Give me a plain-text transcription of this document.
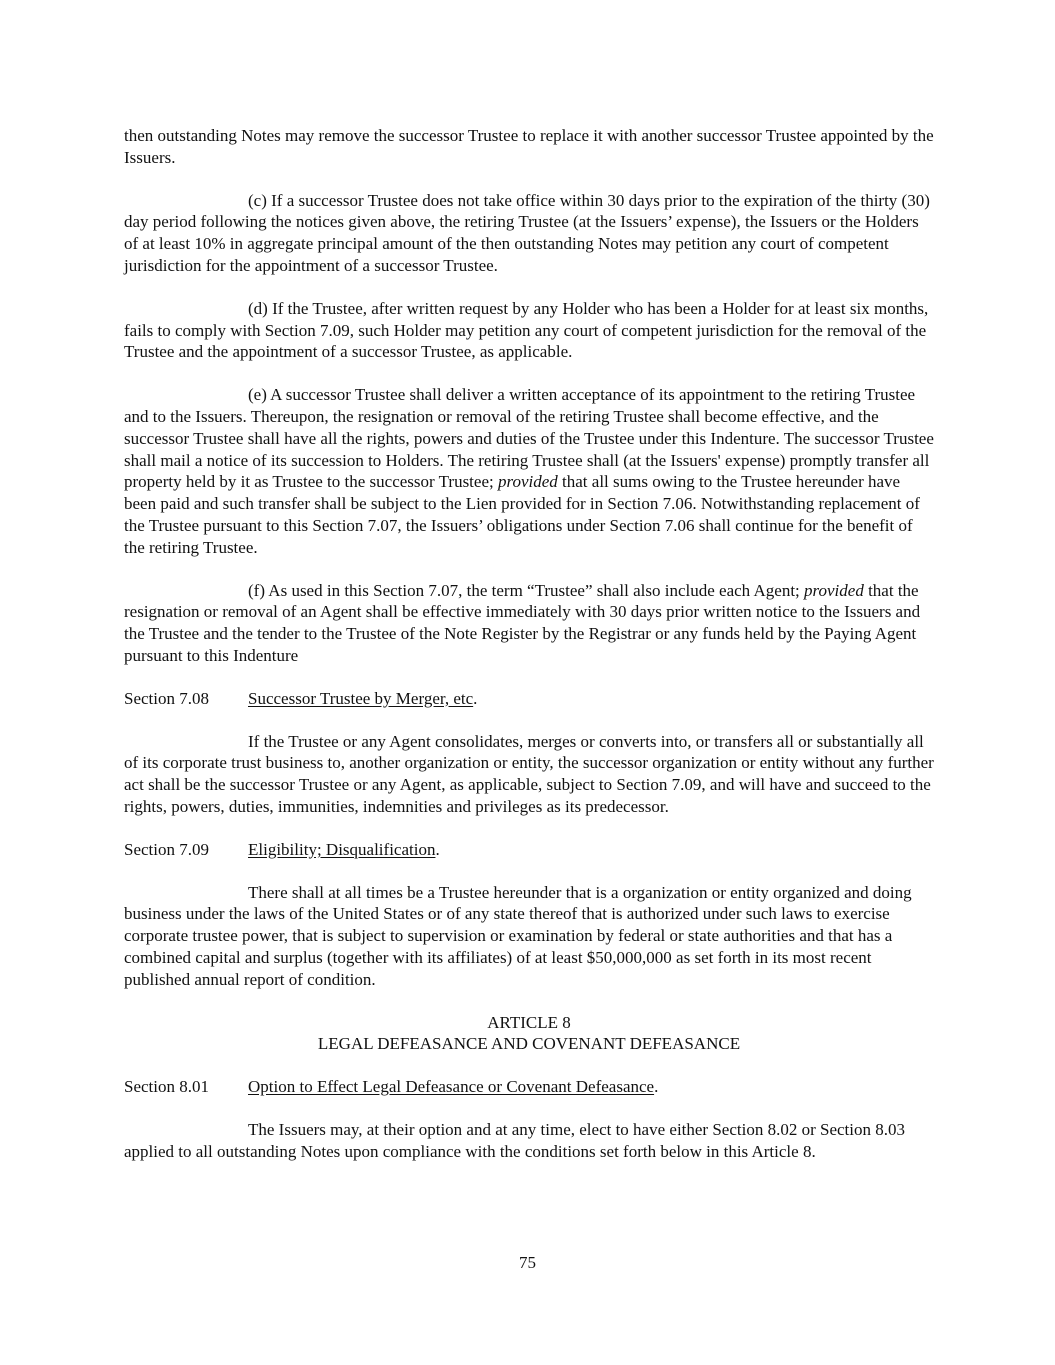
then outstanding Notes may remove the successor Trustee to replace it with another successor Trustee appointed by the Issuers.

(c) If a successor Trustee does not take office within 30 days prior to the expiration of the thirty (30) day period following the notices given above, the retiring Trustee (at the Issuers’ expense), the Issuers or the Holders of at least 10% in aggregate principal amount of the then outstanding Notes may petition any court of competent jurisdiction for the appointment of a successor Trustee.

(d) If the Trustee, after written request by any Holder who has been a Holder for at least six months, fails to comply with Section 7.09, such Holder may petition any court of competent jurisdiction for the removal of the Trustee and the appointment of a successor Trustee, as applicable.

(e) A successor Trustee shall deliver a written acceptance of its appointment to the retiring Trustee and to the Issuers. Thereupon, the resignation or removal of the retiring Trustee shall become effective, and the successor Trustee shall have all the rights, powers and duties of the Trustee under this Indenture. The successor Trustee shall mail a notice of its succession to Holders. The retiring Trustee shall (at the Issuers' expense) promptly transfer all property held by it as Trustee to the successor Trustee; provided that all sums owing to the Trustee hereunder have been paid and such transfer shall be subject to the Lien provided for in Section 7.06. Notwithstanding replacement of the Trustee pursuant to this Section 7.07, the Issuers’ obligations under Section 7.06 shall continue for the benefit of the retiring Trustee.

(f) As used in this Section 7.07, the term “Trustee” shall also include each Agent; provided that the resignation or removal of an Agent shall be effective immediately with 30 days prior written notice to the Issuers and the Trustee and the tender to the Trustee of the Note Register by the Registrar or any funds held by the Paying Agent pursuant to this Indenture

Section 7.08	Successor Trustee by Merger, etc.

If the Trustee or any Agent consolidates, merges or converts into, or transfers all or substantially all of its corporate trust business to, another organization or entity, the successor organization or entity without any further act shall be the successor Trustee or any Agent, as applicable, subject to Section 7.09, and will have and succeed to the rights, powers, duties, immunities, indemnities and privileges as its predecessor.

Section 7.09	Eligibility; Disqualification.

There shall at all times be a Trustee hereunder that is a organization or entity organized and doing business under the laws of the United States or of any state thereof that is authorized under such laws to exercise corporate trustee power, that is subject to supervision or examination by federal or state authorities and that has a combined capital and surplus (together with its affiliates) of at least $50,000,000 as set forth in its most recent published annual report of condition.

ARTICLE 8
LEGAL DEFEASANCE AND COVENANT DEFEASANCE
Section 8.01	Option to Effect Legal Defeasance or Covenant Defeasance.

The Issuers may, at their option and at any time, elect to have either Section 8.02 or Section 8.03 applied to all outstanding Notes upon compliance with the conditions set forth below in this Article 8.

75
